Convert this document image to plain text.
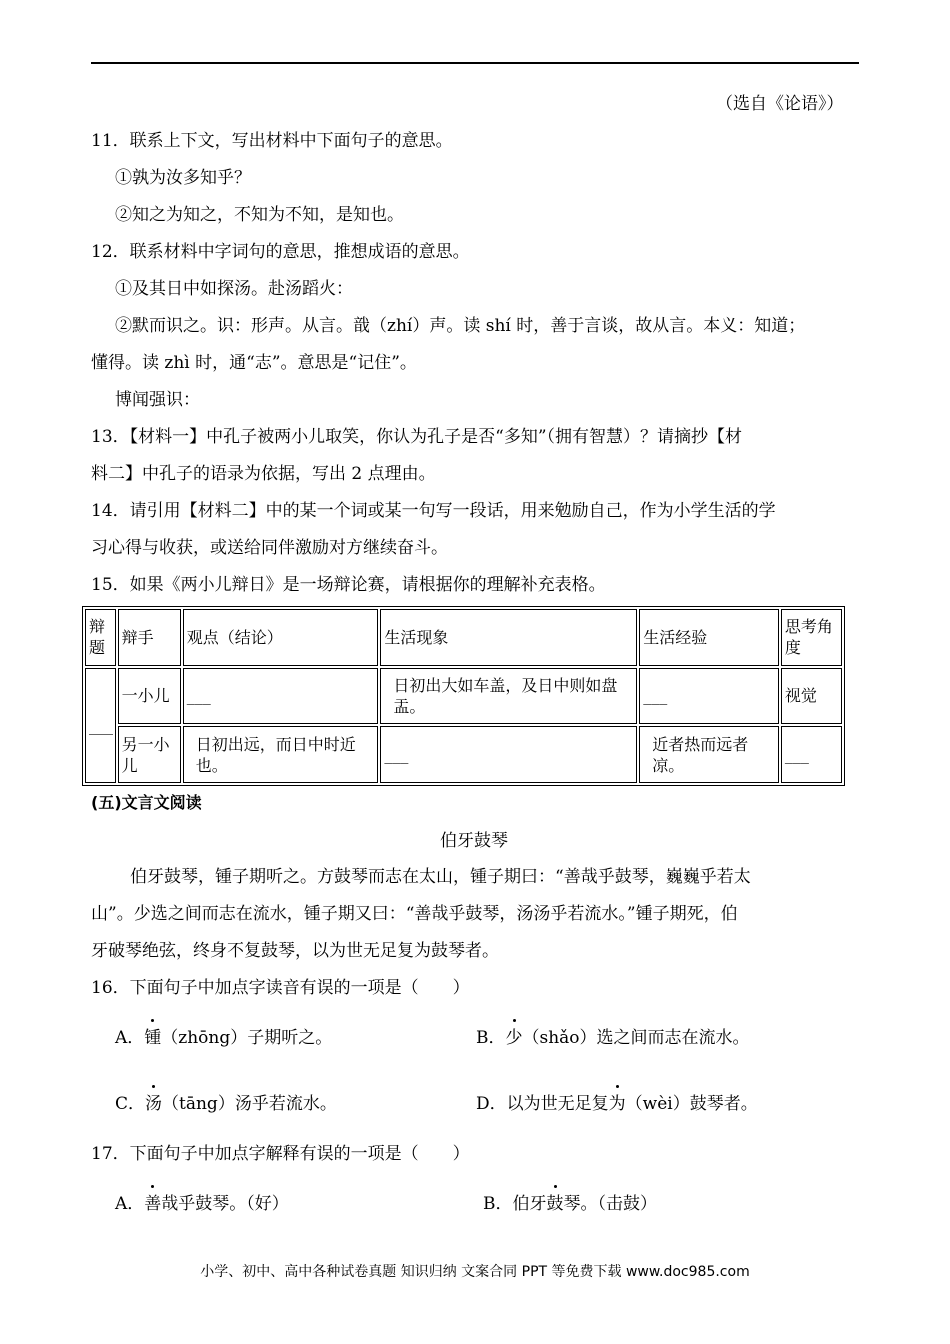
（选自《论语》）
11．联系上下文，写出材料中下面句子的意思。
①孰为汝多知乎？
②知之为知之，不知为不知，是知也。
12．联系材料中字词句的意思，推想成语的意思。
①及其日中如探汤。赴汤蹈火：
②默而识之。识：形声。从言。戠（zhí）声。读 shí 时，善于言谈，故从言。本义：知道；
懂得。读 zhì 时，通“志”。意思是“记住”。
博闻强识：
13．【材料一】中孔子被两小儿取笑，你认为孔子是否“多知”（拥有智慧）？请摘抄【材
料二】中孔子的语录为依据，写出 2 点理由。
14．请引用【材料二】中的某一个词或某一句写一段话，用来勉励自己，作为小学生活的学
习心得与收获，或送给同伴激励对方继续奋斗。
15．如果《两小儿辩日》是一场辩论赛，请根据你的理解补充表格。
辩题	辩手	观点（结论）	生活现象	生活经验	思考角度
___	一小儿	___	日初出大如车盖，及日中则如盘盂。	___	视觉
	另一小儿	日初出远，而日中时近也。	___	近者热而远者凉。	___
(五)文言文阅读
伯牙鼓琴
伯牙鼓琴，锺子期听之。方鼓琴而志在太山，锺子期曰：“善哉乎鼓琴，巍巍乎若太
山”。少选之间而志在流水，锺子期又曰：“善哉乎鼓琴，汤汤乎若流水。”锺子期死，伯
牙破琴绝弦，终身不复鼓琴，以为世无足复为鼓琴者。
16．下面句子中加点字读音有误的一项是（　　）
A．锺（zhōng）子期听之。	B．少（shǎo）选之间而志在流水。
C．汤（tāng）汤乎若流水。	D．以为世无足复为（wèi）鼓琴者。
17．下面句子中加点字解释有误的一项是（　　）
A．善哉乎鼓琴。（好）	B．伯牙鼓琴。（击鼓）
小学、初中、高中各种试卷真题 知识归纳 文案合同 PPT 等免费下载 www.doc985.com
